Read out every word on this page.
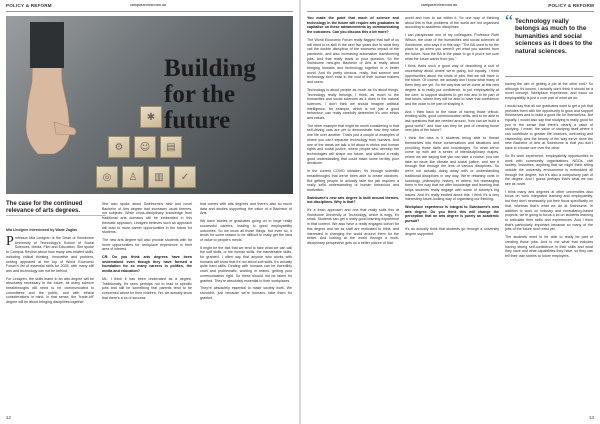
POLICY & REFORM	campusreview.com.au
✱
⚙ ☺ ▤
◎ ♙ ▥ ✓
Building for the future
The case for the continued relevance of arts degrees.
Mia Lindgren interviewed by Wade Zaglas

Professor Mia Lindgren is the Dean of Swinburne University of Technology's School of Social Sciences, Media, Film and Education. She spoke to Campus Review about how many arts-related skills, including critical thinking, innovative and problem-solving appeared at the top of World Economic Forum's list of essential skills for 2025, with many still arts and technology can not be behind.

For Lindgren, the skills learnt in an arts degree will be absolutely necessary in the future, as many science breakthroughs will need to be communicated to committees and the public, and with ethical considerations in mind. In that sense, the "trade-off" degree will be about bringing disciplines together.

She also spoke about Swinburne's new and novel Bachelor of Arts degree that increases usual themes, not subjects. While cross-disciplinary knowledge from traditional arts domains will be embedded in this thematic approach, Lindgren believes such an approach will lead to more career opportunities in the future for students.

The new arts degree will also provide students with far more opportunities for workplace experience in their area of interest.

CR: Do you think arts degrees have been undervalued even though they have formed a foundation for so many careers in politics, the media and education?

ML: I think it has been underrated as a degree. Traditionally, it's seen perhaps not to lead to specific jobs and still be something that parents tend to be concerned about for their children. Yet, we actually know that there's a lot of success

that comes with arts degrees and there's also so much data and studies supporting the value of a Bachelor of Arts.

We have stories of graduates going on to forge really successful careers, leading to good employability outcomes. So we know all those things, but even so, it tends for some reason to be difficult to really get the idea of value to people's minds.

It might be the fact that we tend to take what we can call the soft skills, or the human skills, the transferable skills, for granted. I often say that anyone who works with humans will know that it's not about soft skills. It's actually quite hard skills. Dealing with humans can be incredibly cruel and problematic, working in teams, getting your communication right. So these should not be taken for granted. They're absolutely essential to their workplaces.

They're absolutely essential to make society work. We shouldn't, just because we're humans, take them for granted.

12
campusreview.com.au	POLICY & REFORM

You make the point that much of science and technology in the future will require arts graduates to capitalise on these advancements by communicating the outcomes. Can you discuss this a bit more?

The World Economic Forum really flagged that half of us will need to re-skill in the next five years due to what they call the double disruption of the economic impact of the pandemic, and also increasing automation transforming jobs. And that really leads to your question. So the Swinburne new-gen Bachelor of Arts is really about bringing humans and technology together in a better world. And it's pretty obvious, really, that science and technology don't exist in the void of their human makers and users.

Technology is about people as much as it's about things. Technology really belongs, I think, as much to the humanities and social sciences as it does to the natural sciences. I don't think we should imagine artificial intelligence, for example, which is not just a good behaviour, can really carefully determine it's own ethics and values.

The other example that might be worth considering is that self-driving cars are yet to demonstrate how they value one life over another. That's just a couple of examples of where you can't separate technology from humans. And one of the areas we talk a lot about is ethics and human rights and social justice, where people who develop the technologies will shape our future, and without a really good understanding that could make some terribly poor decisions.

In the current COVID situation, it's through scientific breakthroughs that we've been able to create vaccines. But getting people to actually take the jab requires a really solid understanding of human behaviour and motivation.

Swinburne's new arts degree is built around themes, not disciplines. Why is that?

It's a fresh approach and one that really suits this at Swinburne University of Technology, which is edgy, it's small. Students can get a really good learning experience in that context. We also have a really engaged cohort for this degree and we as staff are motivated to think, and interested in changing the world around them for the better. And looking at the world through a multi-disciplinary perspective gets us a better picture of that

world and how to act within it. So one way of thinking about this is that problems of the world are not organised according to academic disciplines.

I can paraphrase one of my colleagues, Professor Ruth Wilson, the chair of the humanities and social sciences at Swinburne, who says it in this way: "The BA used to be the place to go when you weren't yet what you wanted from the future. Now the BA is the place to go if you're not sure what the future wants from you."

I think that's such a good way of describing a sort of uncertainty about where we're going, but equally, I think opportunities about the kinds of jobs that we will have in the future. Of course, we actually don't know what many of them they are yet. So the way that we've come at this new degree is to really put confidence, to put employability at the core, to support students to get into and to be part of that future, where they will be able to have that confidence and the voice to be part of shaping it.

And I think back to the value of having those critical-thinking skills, good communication skills, and to be able to ask questions that are needed around, 'how can we build a good world?' and how can they be part of creating those new jobs of the future?

I think the idea is if students being able to thread themselves into these conversations and situations and providing those skills and knowledges. So what we've come up with are a series of interdisciplinary majors, where we are saying that you can take a course, you can take an issue like climate and social justice, and see it through that through the lens of various disciplines. So we're not actually doing away with or understanding traditional disciplines in any way. We're retaining units in sociology, philosophy, history, et cetera, but rearranging them in the way that we offer knowledge and learning that helps students really engage with some of society's big issues. And it's really excited about this. I think it's a very interesting future-looking way of organising our thinking.

Workplace experience is integral to Swinburne's new arts degree. Do you think this will change the perception that an arts degree is purely an academic pursuit?

It's an actually think that students go through a university degree supported

“ Technology really belongs as much to the humanities and social sciences as it does to the natural sciences.

having the aim of getting a job at the other end? So although it's known, I actually don't think it should be a novel concept. Workplace experience, and focus on employability is just a core part of what we do.

I would say that all our graduates want to get a job that provides them with the opportunity to grow and support themselves and to build a good life for themselves. But equally, I would also say that studying is really good for you in the sense that there's clearly a value of studying. I mean, the value of studying itself where it can contribute to greater life chances, well-being and citizenship. And the beauty of the way we've done the new Bachelor of Arts at Swinburne is that you don't have to choose one over the other.

So it's work experience, employability opportunities to work with community organisations, NGOs, civil society, industries, anything that we might think sitting outside the university environment is embedded all through the degree, but it's also a compulsory part of the degree. And I guess perhaps that's what we can see as novel.

I think many arts degrees at other universities also focus on work integrated learning and employability, but they don't necessarily put their focus specifically on that, whereas that's what we do at Swinburne. In addition to work on industry and consultancy-based projects, we're going to focus a lot on students learning to articulate their skills and experiences. And I think that's particularly important because so many of the jobs of the future don't exist yet.

The students need to be able to really be part of creating those jobs. And to me what that includes having strong self-confidence in their skills and what they have and what capabilities they have, so they can tell their own stories to future employers.

13
